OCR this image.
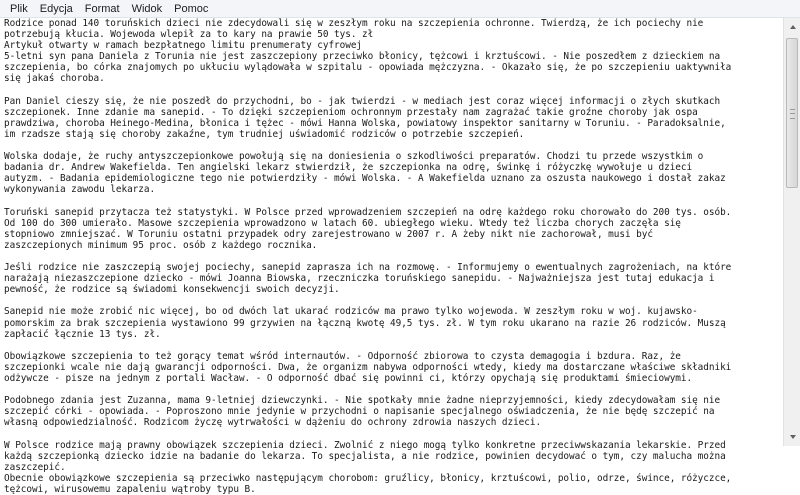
Plik	Edycja	Format	Widok	Pomoc
Rodzice ponad 140 toruńskich dzieci nie zdecydowali się w zeszłym roku na szczepienia ochronne. Twierdzą, że ich pociechy nie
potrzebują kłucia. Wojewoda wlepił za to kary na prawie 50 tys. zł
Artykuł otwarty w ramach bezpłatnego limitu prenumeraty cyfrowej
5-letni syn pana Daniela z Torunia nie jest zaszczepiony przeciwko błonicy, tężcowi i krztuścowi. - Nie poszedłem z dzieckiem na
szczepienia, bo córka znajomych po ukłuciu wylądowała w szpitalu - opowiada mężczyzna. - Okazało się, że po szczepieniu uaktywniła
się jakaś choroba.

Pan Daniel cieszy się, że nie poszedł do przychodni, bo - jak twierdzi - w mediach jest coraz więcej informacji o złych skutkach
szczepionek. Inne zdanie ma sanepid. - To dzięki szczepieniom ochronnym przestały nam zagrażać takie groźne choroby jak ospa
prawdziwa, choroba Heinego-Medina, błonica i tężec - mówi Hanna Wolska, powiatowy inspektor sanitarny w Toruniu. - Paradoksalnie,
im rzadsze stają się choroby zakaźne, tym trudniej uświadomić rodziców o potrzebie szczepień.

Wolska dodaje, że ruchy antyszczepionkowe powołują się na doniesienia o szkodliwości preparatów. Chodzi tu przede wszystkim o
badania dr. Andrew Wakefielda. Ten angielski lekarz stwierdził, że szczepionka na odrę, świnkę i różyczkę wywołuje u dzieci
autyzm. - Badania epidemiologiczne tego nie potwierdziły - mówi Wolska. - A Wakefielda uznano za oszusta naukowego i dostał zakaz
wykonywania zawodu lekarza.

Toruński sanepid przytacza też statystyki. W Polsce przed wprowadzeniem szczepień na odrę każdego roku chorowało do 200 tys. osób.
Od 100 do 300 umierało. Masowe szczepienia wprowadzono w latach 60. ubiegłego wieku. Wtedy też liczba chorych zaczęła się
stopniowo zmniejszać. W Toruniu ostatni przypadek odry zarejestrowano w 2007 r. A żeby nikt nie zachorował, musi być
zaszczepionych minimum 95 proc. osób z każdego rocznika.

Jeśli rodzice nie zaszczepią swojej pociechy, sanepid zaprasza ich na rozmowę. - Informujemy o ewentualnych zagrożeniach, na które
narażają niezaszczepione dziecko - mówi Joanna Biowska, rzeczniczka toruńskiego sanepidu. - Najważniejsza jest tutaj edukacja i
pewność, że rodzice są świadomi konsekwencji swoich decyzji.

Sanepid nie może zrobić nic więcej, bo od dwóch lat ukarać rodziców ma prawo tylko wojewoda. W zeszłym roku w woj. kujawsko-
pomorskim za brak szczepienia wystawiono 99 grzywien na łączną kwotę 49,5 tys. zł. W tym roku ukarano na razie 26 rodziców. Muszą
zapłacić łącznie 13 tys. zł.

Obowiązkowe szczepienia to też gorący temat wśród internautów. - Odporność zbiorowa to czysta demagogia i bzdura. Raz, że
szczepionki wcale nie dają gwarancji odporności. Dwa, że organizm nabywa odporności wtedy, kiedy ma dostarczane właściwe składniki
odżywcze - pisze na jednym z portali Wacław. - O odporność dbać się powinni ci, którzy opychają się produktami śmieciowymi.

Podobnego zdania jest Zuzanna, mama 9-letniej dziewczynki. - Nie spotkały mnie żadne nieprzyjemności, kiedy zdecydowałam się nie
szczepić córki - opowiada. - Poproszono mnie jedynie w przychodni o napisanie specjalnego oświadczenia, że nie będę szczepić na
własną odpowiedzialność. Rodzicom życzę wytrwałości w dążeniu do ochrony zdrowia naszych dzieci.

W Polsce rodzice mają prawny obowiązek szczepienia dzieci. Zwolnić z niego mogą tylko konkretne przeciwwskazania lekarskie. Przed
każdą szczepionką dziecko idzie na badanie do lekarza. To specjalista, a nie rodzice, powinien decydować o tym, czy malucha można
zaszczepić.
Obecnie obowiązkowe szczepienia są przeciwko następującym chorobom: gruźlicy, błonicy, krztuścowi, polio, odrze, śwince, różyczce,
tężcowi, wirusowemu zapaleniu wątroby typu B.
